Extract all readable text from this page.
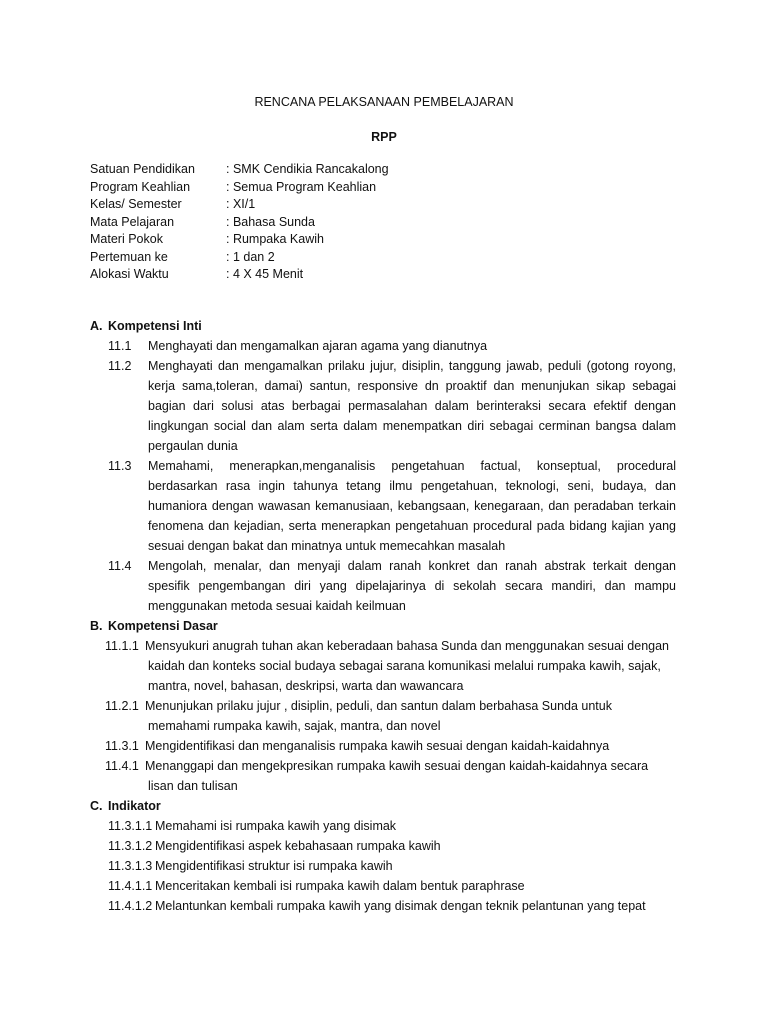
RENCANA PELAKSANAAN PEMBELAJARAN
RPP
Satuan Pendidikan : SMK Cendikia Rancakalong
Program Keahlian	: Semua Program Keahlian
Kelas/ Semester	: XI/1
Mata Pelajaran	: Bahasa Sunda
Materi Pokok	: Rumpaka Kawih
Pertemuan ke	: 1 dan 2
Alokasi Waktu	: 4 X 45 Menit
A. Kompetensi Inti
11.1 Menghayati dan mengamalkan ajaran agama yang dianutnya
11.2 Menghayati dan mengamalkan prilaku jujur, disiplin, tanggung jawab, peduli (gotong royong, kerja sama,toleran, damai) santun, responsive dn proaktif dan menunjukan sikap sebagai bagian dari solusi atas berbagai permasalahan dalam berinteraksi secara efektif dengan lingkungan social dan alam serta dalam menempatkan diri sebagai cerminan bangsa dalam pergaulan dunia
11.3 Memahami, menerapkan,menganalisis pengetahuan factual, konseptual, procedural berdasarkan rasa ingin tahunya tetang ilmu pengetahuan, teknologi, seni, budaya, dan humaniora dengan wawasan kemanusiaan, kebangsaan, kenegaraan, dan peradaban terkain fenomena dan kejadian, serta menerapkan pengetahuan procedural pada bidang kajian yang sesuai dengan bakat dan minatnya untuk memecahkan masalah
11.4 Mengolah, menalar, dan menyaji dalam ranah konkret dan ranah abstrak terkait dengan spesifik pengembangan diri yang dipelajarinya di sekolah secara mandiri, dan mampu menggunakan metoda sesuai kaidah keilmuan
B. Kompetensi Dasar
11.1.1 Mensyukuri anugrah tuhan akan keberadaan bahasa Sunda dan menggunakan sesuai dengan kaidah dan konteks social budaya sebagai sarana komunikasi melalui rumpaka kawih, sajak, mantra, novel, bahasan, deskripsi, warta dan wawancara
11.2.1 Menunjukan prilaku jujur , disiplin, peduli, dan santun dalam berbahasa Sunda untuk memahami rumpaka kawih, sajak, mantra, dan novel
11.3.1 Mengidentifikasi dan menganalisis rumpaka kawih sesuai dengan kaidah-kaidahnya
11.4.1 Menanggapi dan mengekpresikan rumpaka kawih sesuai dengan kaidah-kaidahnya secara lisan dan tulisan
C. Indikator
11.3.1.1 Memahami isi rumpaka kawih yang disimak
11.3.1.2 Mengidentifikasi aspek kebahasaan rumpaka kawih
11.3.1.3 Mengidentifikasi struktur isi rumpaka kawih
11.4.1.1 Menceritakan kembali isi rumpaka kawih dalam bentuk paraphrase
11.4.1.2 Melantunkan kembali rumpaka kawih yang disimak dengan teknik pelantunan yang tepat
